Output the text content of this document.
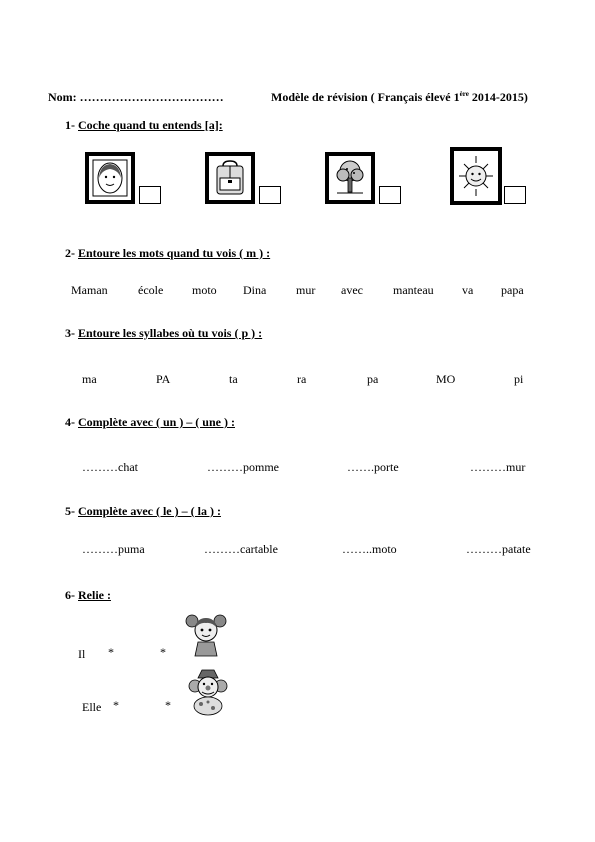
Nom: ………………………………	Modèle de révision ( Français élevé 1ère 2014-2015)
1- Coche quand tu entends [a]:
2- Entoure les mots quand tu vois ( m ) :
Maman	école moto Dina mur avec	manteau va papa
3- Entoure les syllabes où tu vois ( p ) :
ma	PA	ta	ra	pa	MO	pi
4- Complète avec ( un ) – ( une ) :
………chat	………pomme	…….porte	………mur
5- Complète avec ( le ) – ( la ) :
………puma	………cartable	……..moto	………patate
6- Relie :
Il *	*
Elle *	*
